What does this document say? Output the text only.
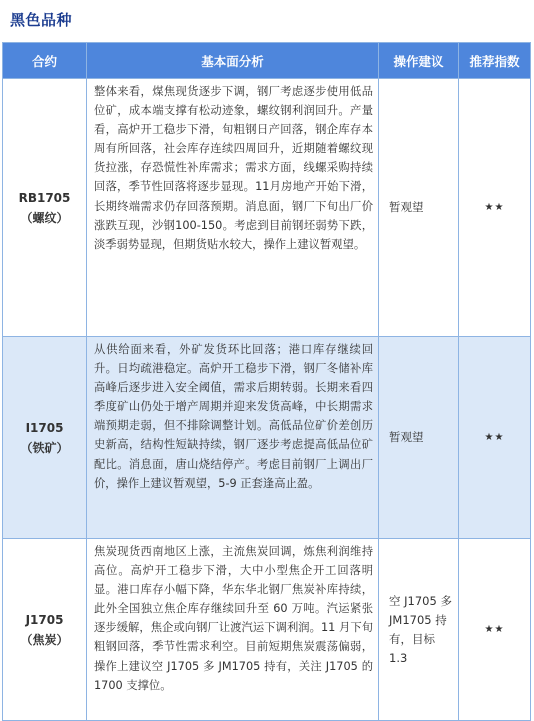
黑色品种
合约	基本面分析	操作建议	推荐指数

RB1705
（螺纹）	整体来看，煤焦现货逐步下调，钢厂考虑逐步使用低品位矿，成本端支撑有松动迹象，螺纹钢利润回升。产量看，高炉开工稳步下滑，旬粗钢日产回落，钢企库存本周有所回落，社会库存连续四周回升，近期随着螺纹现货拉涨，存恐慌性补库需求；需求方面，线螺采购持续回落，季节性回落将逐步显现。11月房地产开始下滑，长期终端需求仍存回落预期。消息面，钢厂下旬出厂价涨跌互现，沙钢100-150。考虑到目前钢坯弱势下跌，淡季弱势显现，但期货贴水较大，操作上建议暂观望。	暂观望	★★

I1705
（铁矿）	从供给面来看，外矿发货环比回落；港口库存继续回升。日均疏港稳定。高炉开工稳步下滑，钢厂冬储补库高峰后逐步进入安全阈值，需求后期转弱。长期来看四季度矿山仍处于增产周期并迎来发货高峰，中长期需求端预期走弱，但不排除调整计划。高低品位矿价差创历史新高，结构性短缺持续，钢厂逐步考虑提高低品位矿配比。消息面，唐山烧结停产。考虑目前钢厂上调出厂价，操作上建议暂观望，5-9 正套逢高止盈。	暂观望	★★

J1705
（焦炭）	焦炭现货西南地区上涨，主流焦炭回调，炼焦利润维持高位。高炉开工稳步下滑，大中小型焦企开工回落明显。港口库存小幅下降，华东华北钢厂焦炭补库持续，此外全国独立焦企库存继续回升至 60 万吨。汽运紧张逐步缓解，焦企或向钢厂让渡汽运下调利润。11 月下旬粗钢回落，季节性需求利空。目前短期焦炭震荡偏弱，操作上建议空 J1705 多 JM1705 持有，关注 J1705 的 1700 支撑位。	空 J1705 多 JM1705 持有，目标 1.3	★★
